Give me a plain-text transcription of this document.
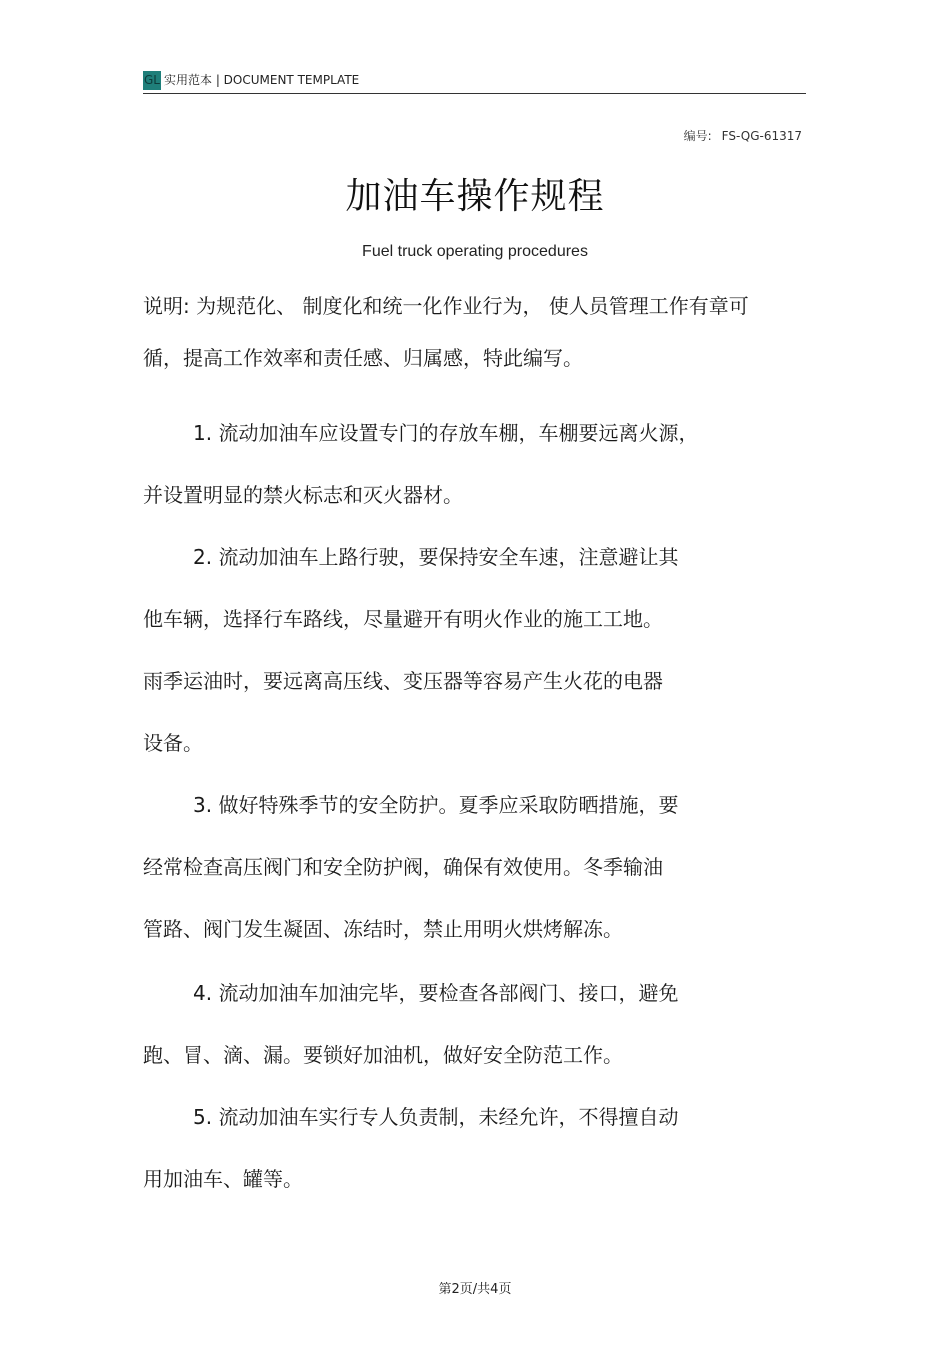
GL 实用范本 | DOCUMENT TEMPLATE
编号: FS-QG-61317
加油车操作规程
Fuel truck operating procedures
说明: 为规范化、 制度化和统一化作业行为， 使人员管理工作有章可
循，提高工作效率和责任感、归属感，特此编写。
1. 流动加油车应设置专门的存放车棚，车棚要远离火源，
并设置明显的禁火标志和灭火器材。
2. 流动加油车上路行驶，要保持安全车速，注意避让其
他车辆，选择行车路线，尽量避开有明火作业的施工工地。
雨季运油时，要远离高压线、变压器等容易产生火花的电器
设备。
3. 做好特殊季节的安全防护。夏季应采取防晒措施，要
经常检查高压阀门和安全防护阀，确保有效使用。冬季输油
管路、阀门发生凝固、冻结时，禁止用明火烘烤解冻。
4. 流动加油车加油完毕，要检查各部阀门、接口，避免
跑、冒、滴、漏。要锁好加油机，做好安全防范工作。
5. 流动加油车实行专人负责制，未经允许，不得擅自动
用加油车、罐等。
第2页/共4页
